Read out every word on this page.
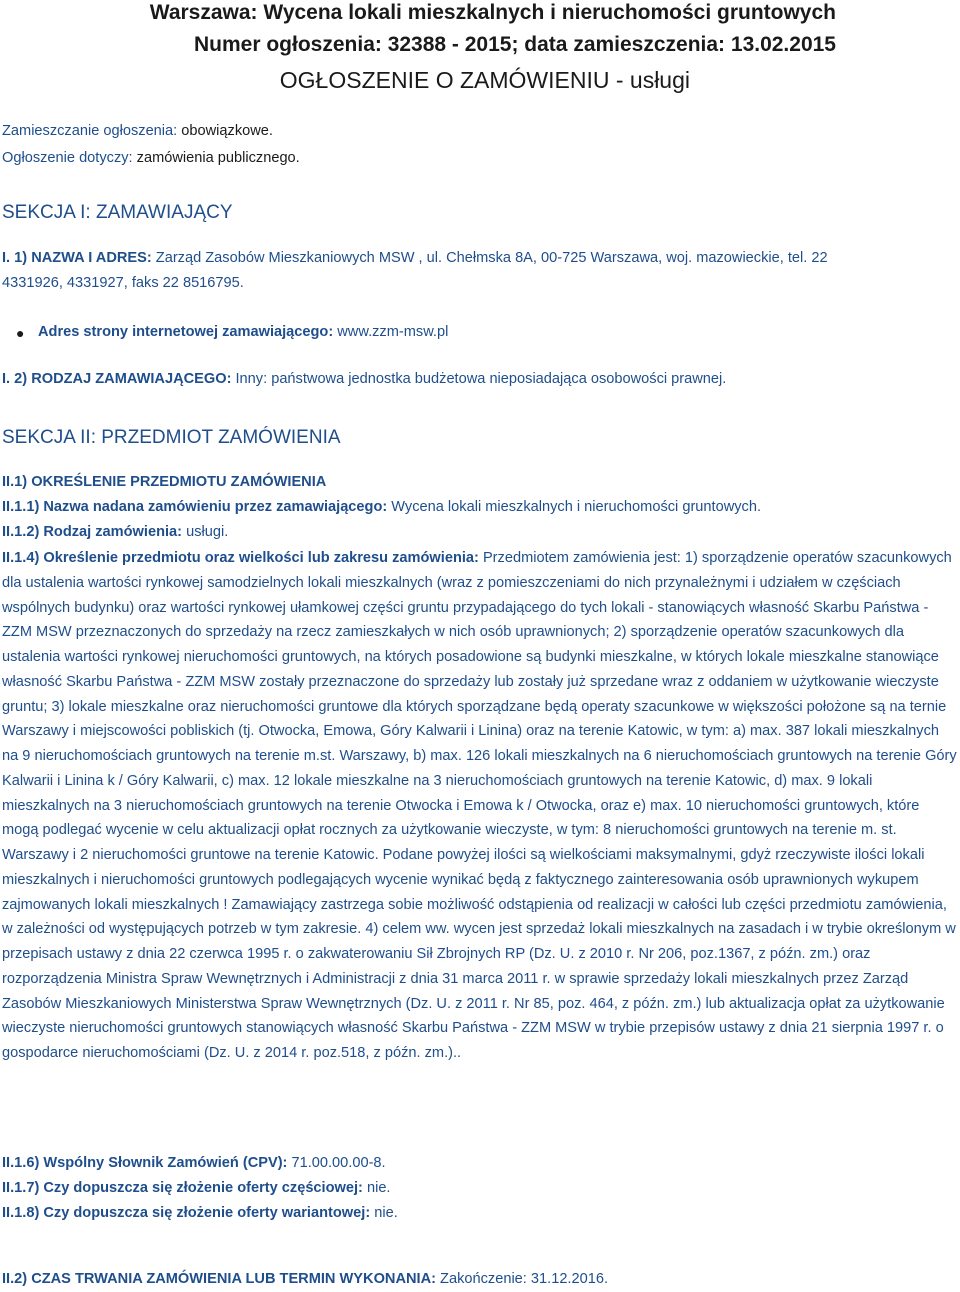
Warszawa: Wycena lokali mieszkalnych i nieruchomości gruntowych
Numer ogłoszenia: 32388 - 2015; data zamieszczenia: 13.02.2015
OGŁOSZENIE O ZAMÓWIENIU - usługi
Zamieszczanie ogłoszenia: obowiązkowe.
Ogłoszenie dotyczy: zamówienia publicznego.
SEKCJA I: ZAMAWIAJĄCY
I. 1) NAZWA I ADRES: Zarząd Zasobów Mieszkaniowych MSW , ul. Chełmska 8A, 00-725 Warszawa, woj. mazowieckie, tel. 22
4331926, 4331927, faks 22 8516795.
● Adres strony internetowej zamawiającego: www.zzm-msw.pl
I. 2) RODZAJ ZAMAWIAJĄCEGO: Inny: państwowa jednostka budżetowa nieposiadająca osobowości prawnej.
SEKCJA II: PRZEDMIOT ZAMÓWIENIA
II.1) OKREŚLENIE PRZEDMIOTU ZAMÓWIENIA
II.1.1) Nazwa nadana zamówieniu przez zamawiającego: Wycena lokali mieszkalnych i nieruchomości gruntowych.
II.1.2) Rodzaj zamówienia: usługi.
II.1.4) Określenie przedmiotu oraz wielkości lub zakresu zamówienia: Przedmiotem zamówienia jest: 1) sporządzenie operatów szacunkowych dla ustalenia wartości rynkowej samodzielnych lokali mieszkalnych (wraz z pomieszczeniami do nich przynależnymi i udziałem w częściach wspólnych budynku) oraz wartości rynkowej ułamkowej części gruntu przypadającego do tych lokali - stanowiących własność Skarbu Państwa - ZZM MSW przeznaczonych do sprzedaży na rzecz zamieszkałych w nich osób uprawnionych; 2) sporządzenie operatów szacunkowych dla ustalenia wartości rynkowej nieruchomości gruntowych, na których posadowione są budynki mieszkalne, w których lokale mieszkalne stanowiące własność Skarbu Państwa - ZZM MSW zostały przeznaczone do sprzedaży lub zostały już sprzedane wraz z oddaniem w użytkowanie wieczyste gruntu; 3) lokale mieszkalne oraz nieruchomości gruntowe dla których sporządzane będą operaty szacunkowe w większości położone są na ternie Warszawy i miejscowości pobliskich (tj. Otwocka, Emowa, Góry Kalwarii i Linina) oraz na terenie Katowic, w tym: a) max. 387 lokali mieszkalnych na 9 nieruchomościach gruntowych na terenie m.st. Warszawy, b) max. 126 lokali mieszkalnych na 6 nieruchomościach gruntowych na terenie Góry Kalwarii i Linina k / Góry Kalwarii, c) max. 12 lokale mieszkalne na 3 nieruchomościach gruntowych na terenie Katowic, d) max. 9 lokali mieszkalnych na 3 nieruchomościach gruntowych na terenie Otwocka i Emowa k / Otwocka, oraz e) max. 10 nieruchomości gruntowych, które mogą podlegać wycenie w celu aktualizacji opłat rocznych za użytkowanie wieczyste, w tym: 8 nieruchomości gruntowych na terenie m. st. Warszawy i 2 nieruchomości gruntowe na terenie Katowic. Podane powyżej ilości są wielkościami maksymalnymi, gdyż rzeczywiste ilości lokali mieszkalnych i nieruchomości gruntowych podlegających wycenie wynikać będą z faktycznego zainteresowania osób uprawnionych wykupem zajmowanych lokali mieszkalnych ! Zamawiający zastrzega sobie możliwość odstąpienia od realizacji w całości lub części przedmiotu zamówienia, w zależności od występujących potrzeb w tym zakresie. 4) celem ww. wycen jest sprzedaż lokali mieszkalnych na zasadach i w trybie określonym w przepisach ustawy z dnia 22 czerwca 1995 r. o zakwaterowaniu Sił Zbrojnych RP (Dz. U. z 2010 r. Nr 206, poz.1367, z późn. zm.) oraz rozporządzenia Ministra Spraw Wewnętrznych i Administracji z dnia 31 marca 2011 r. w sprawie sprzedaży lokali mieszkalnych przez Zarząd Zasobów Mieszkaniowych Ministerstwa Spraw Wewnętrznych (Dz. U. z 2011 r. Nr 85, poz. 464, z późn. zm.) lub aktualizacja opłat za użytkowanie wieczyste nieruchomości gruntowych stanowiących własność Skarbu Państwa - ZZM MSW w trybie przepisów ustawy z dnia 21 sierpnia 1997 r. o gospodarce nieruchomościami (Dz. U. z 2014 r. poz.518, z późn. zm.)..
II.1.6) Wspólny Słownik Zamówień (CPV): 71.00.00.00-8.
II.1.7) Czy dopuszcza się złożenie oferty częściowej: nie.
II.1.8) Czy dopuszcza się złożenie oferty wariantowej: nie.
II.2) CZAS TRWANIA ZAMÓWIENIA LUB TERMIN WYKONANIA: Zakończenie: 31.12.2016.
